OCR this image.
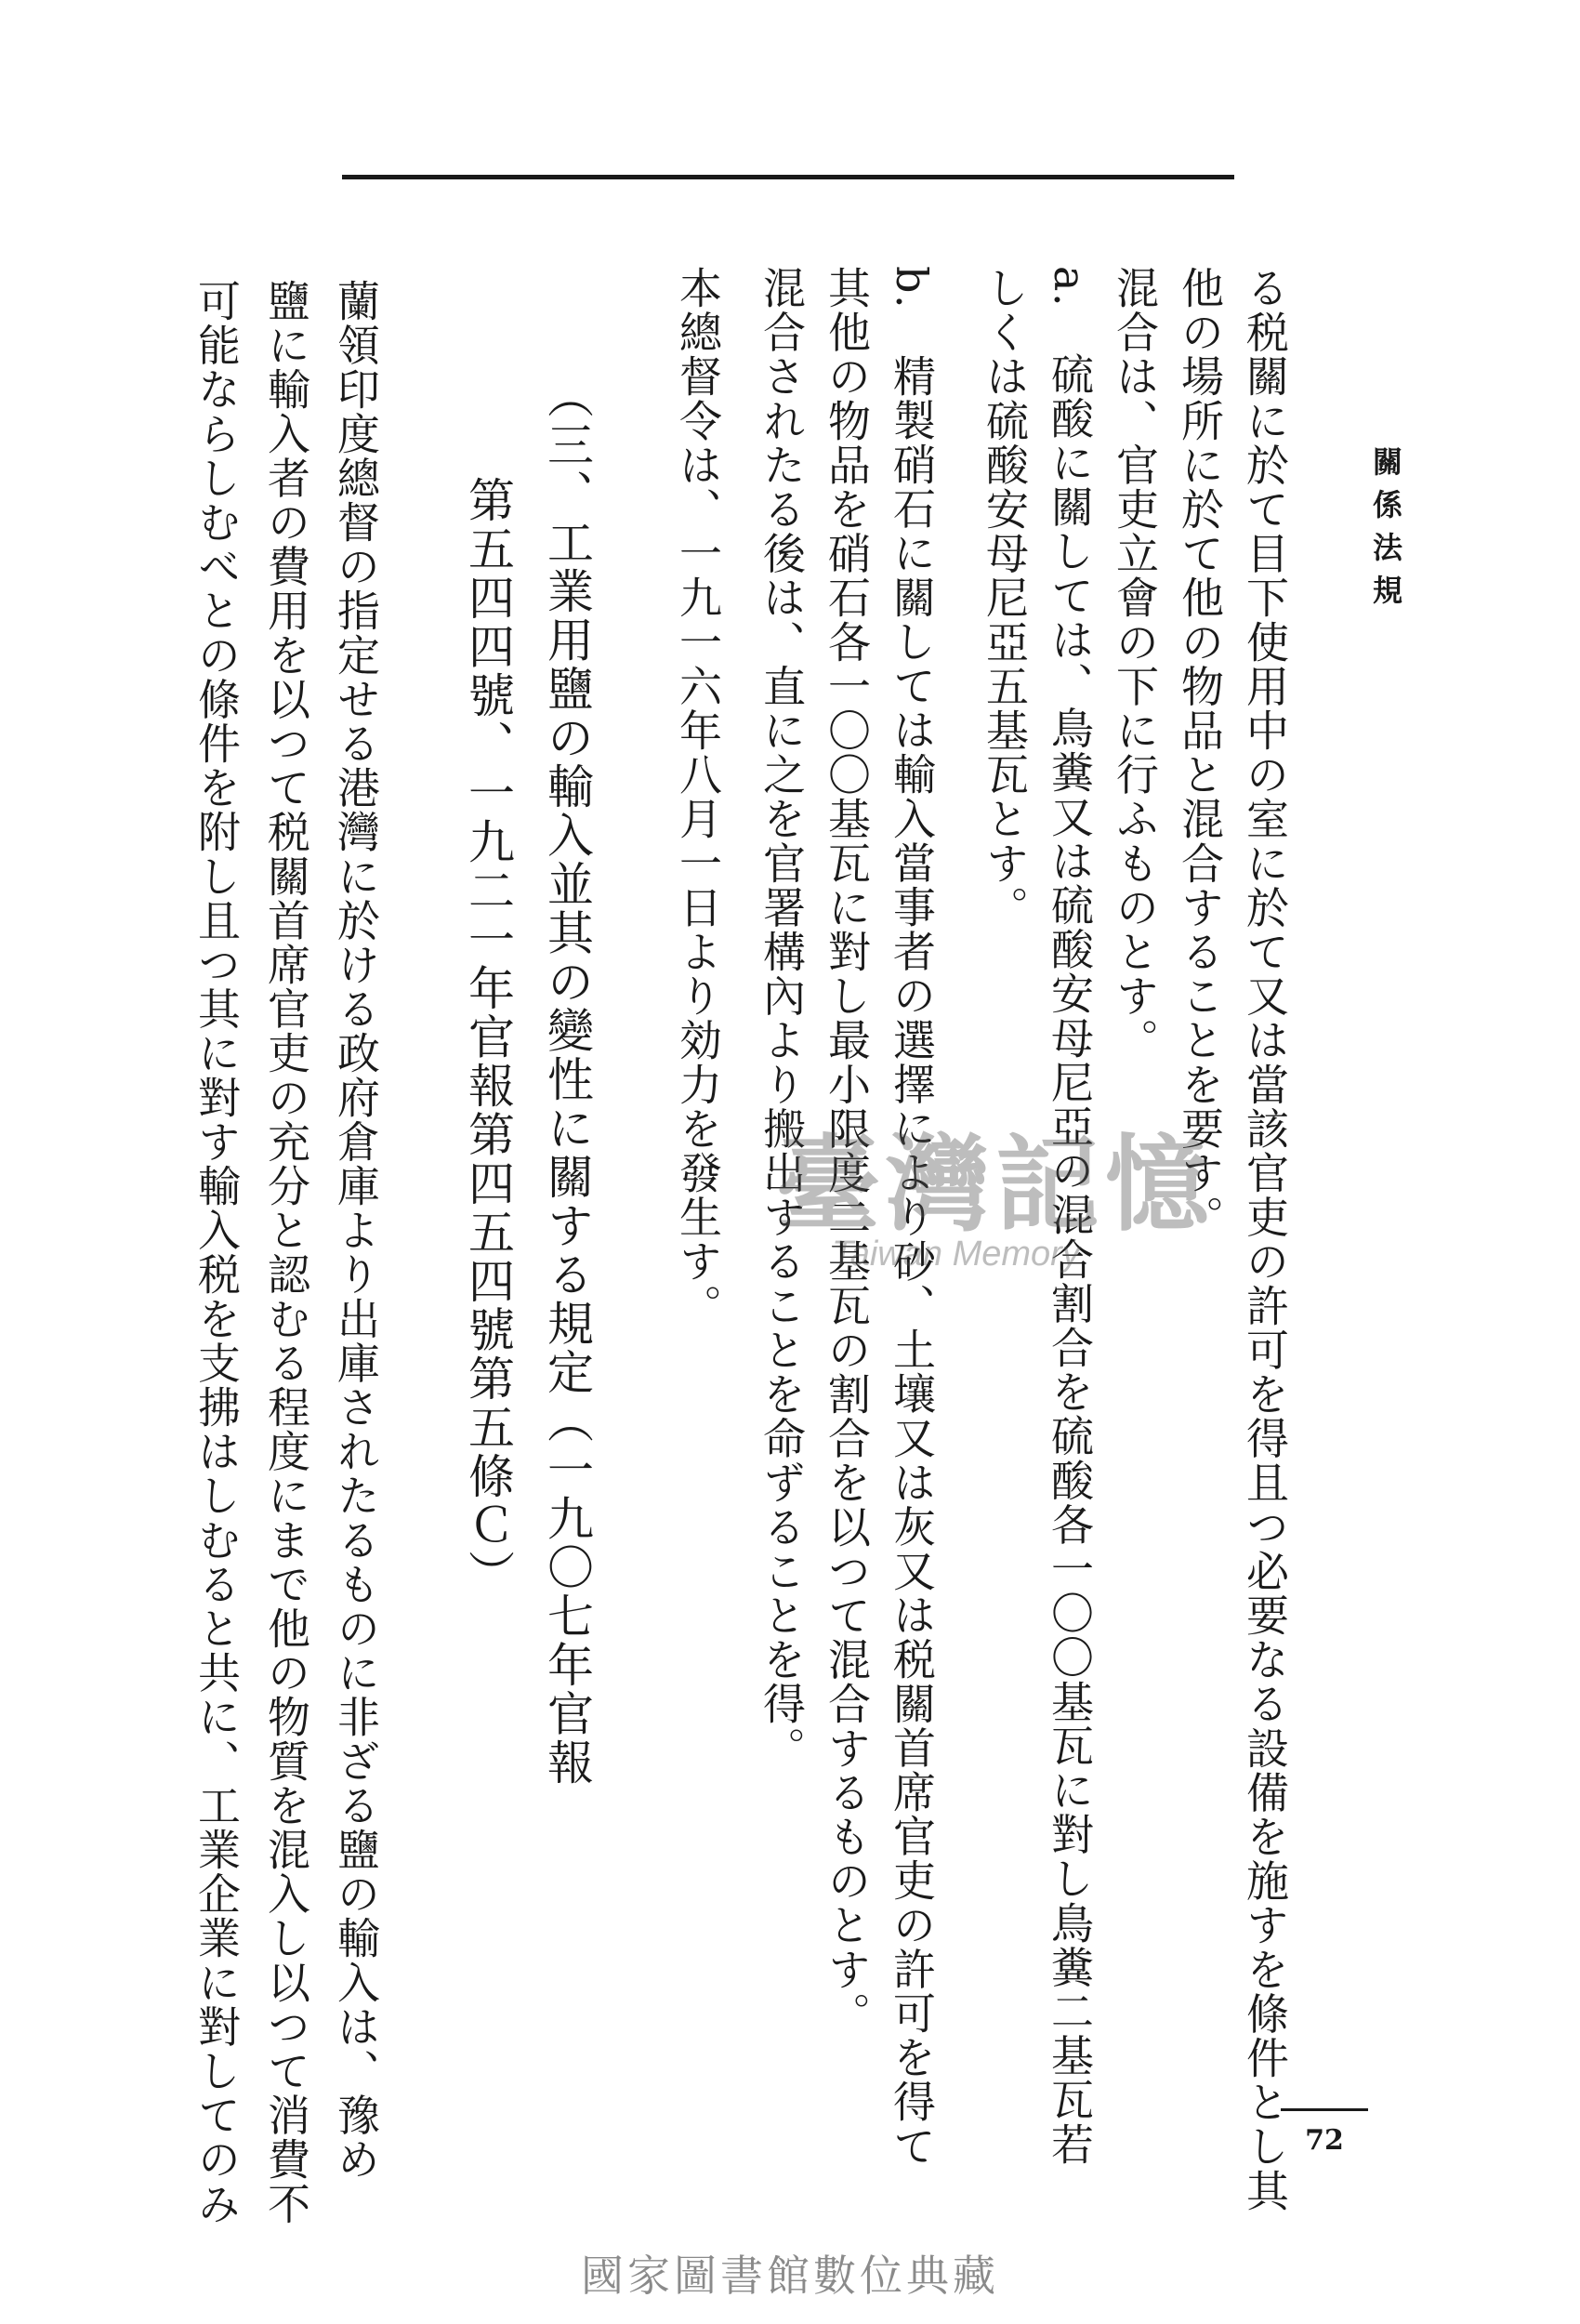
關係法規
る税關に於て目下使用中の室に於て又は當該官吏の許可を得且つ必要なる設備を施すを條件とし其
他の場所に於て他の物品と混合することを要す。
混合は、官吏立會の下に行ふものとす。
a.　硫酸に關しては、鳥糞又は硫酸安母尼亞の混合割合を硫酸各一〇〇基瓦に對し鳥糞二基瓦若
しくは硫酸安母尼亞五基瓦とす。
b.　精製硝石に關しては輸入當事者の選擇により砂、土壤又は灰又は税關首席官吏の許可を得て
其他の物品を硝石各一〇〇基瓦に對し最小限度二基瓦の割合を以つて混合するものとす。
混合されたる後は、直に之を官署構內より搬出することを命ずることを得。
本總督令は、一九一六年八月一日より効力を發生す。
（三、工業用鹽の輸入並其の變性に關する規定（一九〇七年官報
第五四四號、一九二一年官報第四五四號第五條Ｃ）
蘭領印度總督の指定せる港灣に於ける政府倉庫より出庫されたるものに非ざる鹽の輸入は、豫め
鹽に輸入者の費用を以つて税關首席官吏の充分と認むる程度にまで他の物質を混入し以つて消費不
可能ならしむべとの條件を附し且つ其に對す輸入税を支拂はしむると共に、工業企業に對してのみ	72
臺灣記憶
Taiwan Memory
國家圖書館數位典藏
